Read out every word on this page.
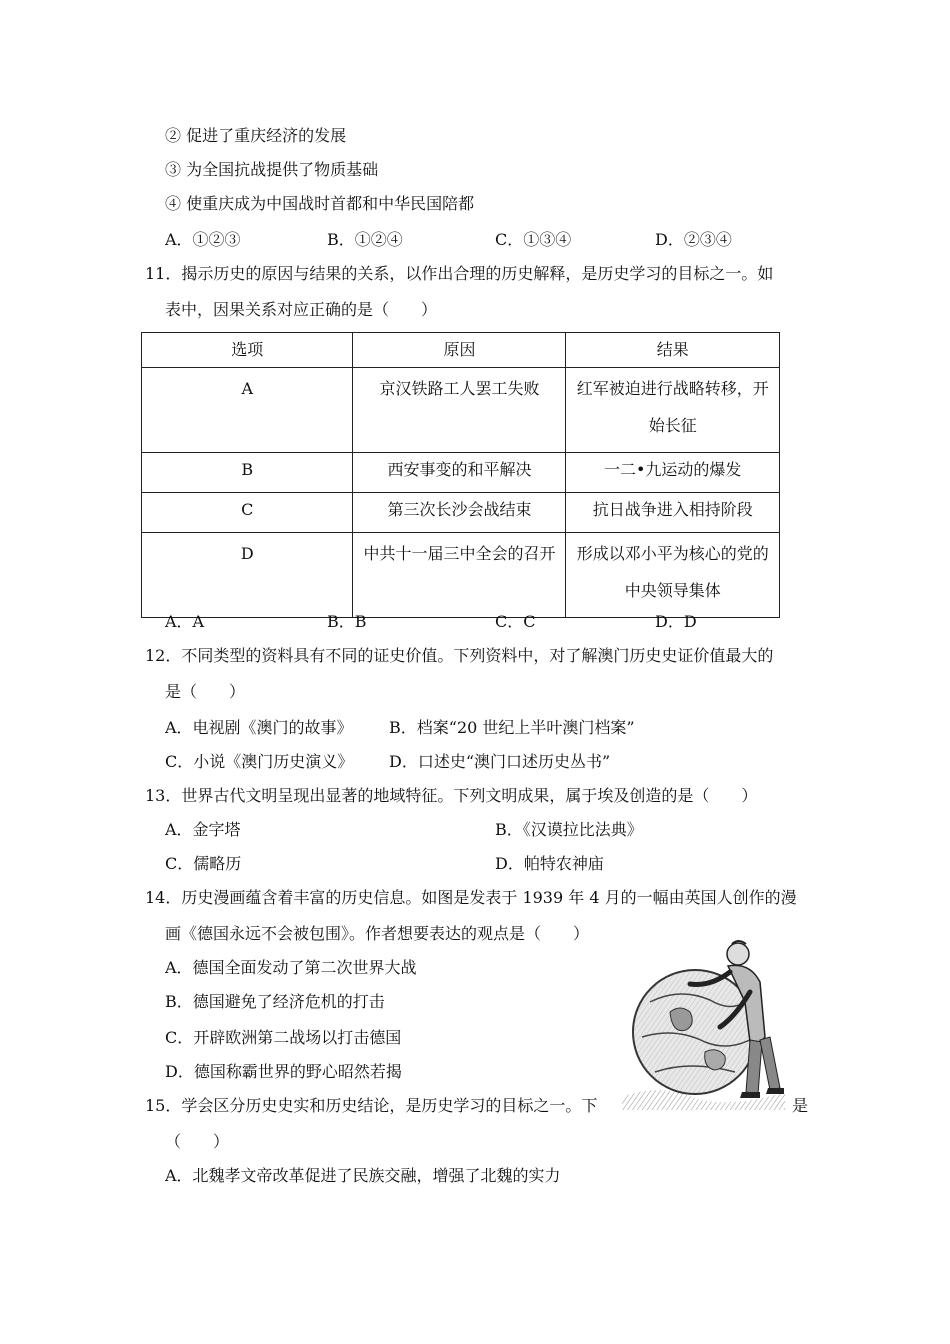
② 促进了重庆经济的发展
③ 为全国抗战提供了物质基础
④ 使重庆成为中国战时首都和中华民国陪都
A．①②③	B．①②④	C．①③④	D．②③④
11．揭示历史的原因与结果的关系，以作出合理的历史解释，是历史学习的目标之一。如
表中，因果关系对应正确的是（　　）
选项	原因	结果
A	京汉铁路工人罢工失败	红军被迫进行战略转移，开始长征
B	西安事变的和平解决	一二•九运动的爆发
C	第三次长沙会战结束	抗日战争进入相持阶段
D	中共十一届三中全会的召开	形成以邓小平为核心的党的中央领导集体
A．A	B．B	C．C	D．D
12．不同类型的资料具有不同的证史价值。下列资料中，对了解澳门历史史证价值最大的
是（　　）
A．电视剧《澳门的故事》 B．档案“20 世纪上半叶澳门档案”
C．小说《澳门历史演义》 D．口述史“澳门口述历史丛书”
13．世界古代文明呈现出显著的地域特征。下列文明成果，属于埃及创造的是（　　）
A．金字塔	B．《汉谟拉比法典》
C．儒略历	D．帕特农神庙
14．历史漫画蕴含着丰富的历史信息。如图是发表于 1939 年 4 月的一幅由英国人创作的漫
画《德国永远不会被包围》。作者想要表达的观点是（　　）
A．德国全面发动了第二次世界大战
B．德国避免了经济危机的打击
C．开辟欧洲第二战场以打击德国
D．德国称霸世界的野心昭然若揭
15．学会区分历史史实和历史结论，是历史学习的目标之一。下	是
（　　）
A．北魏孝文帝改革促进了民族交融，增强了北魏的实力
